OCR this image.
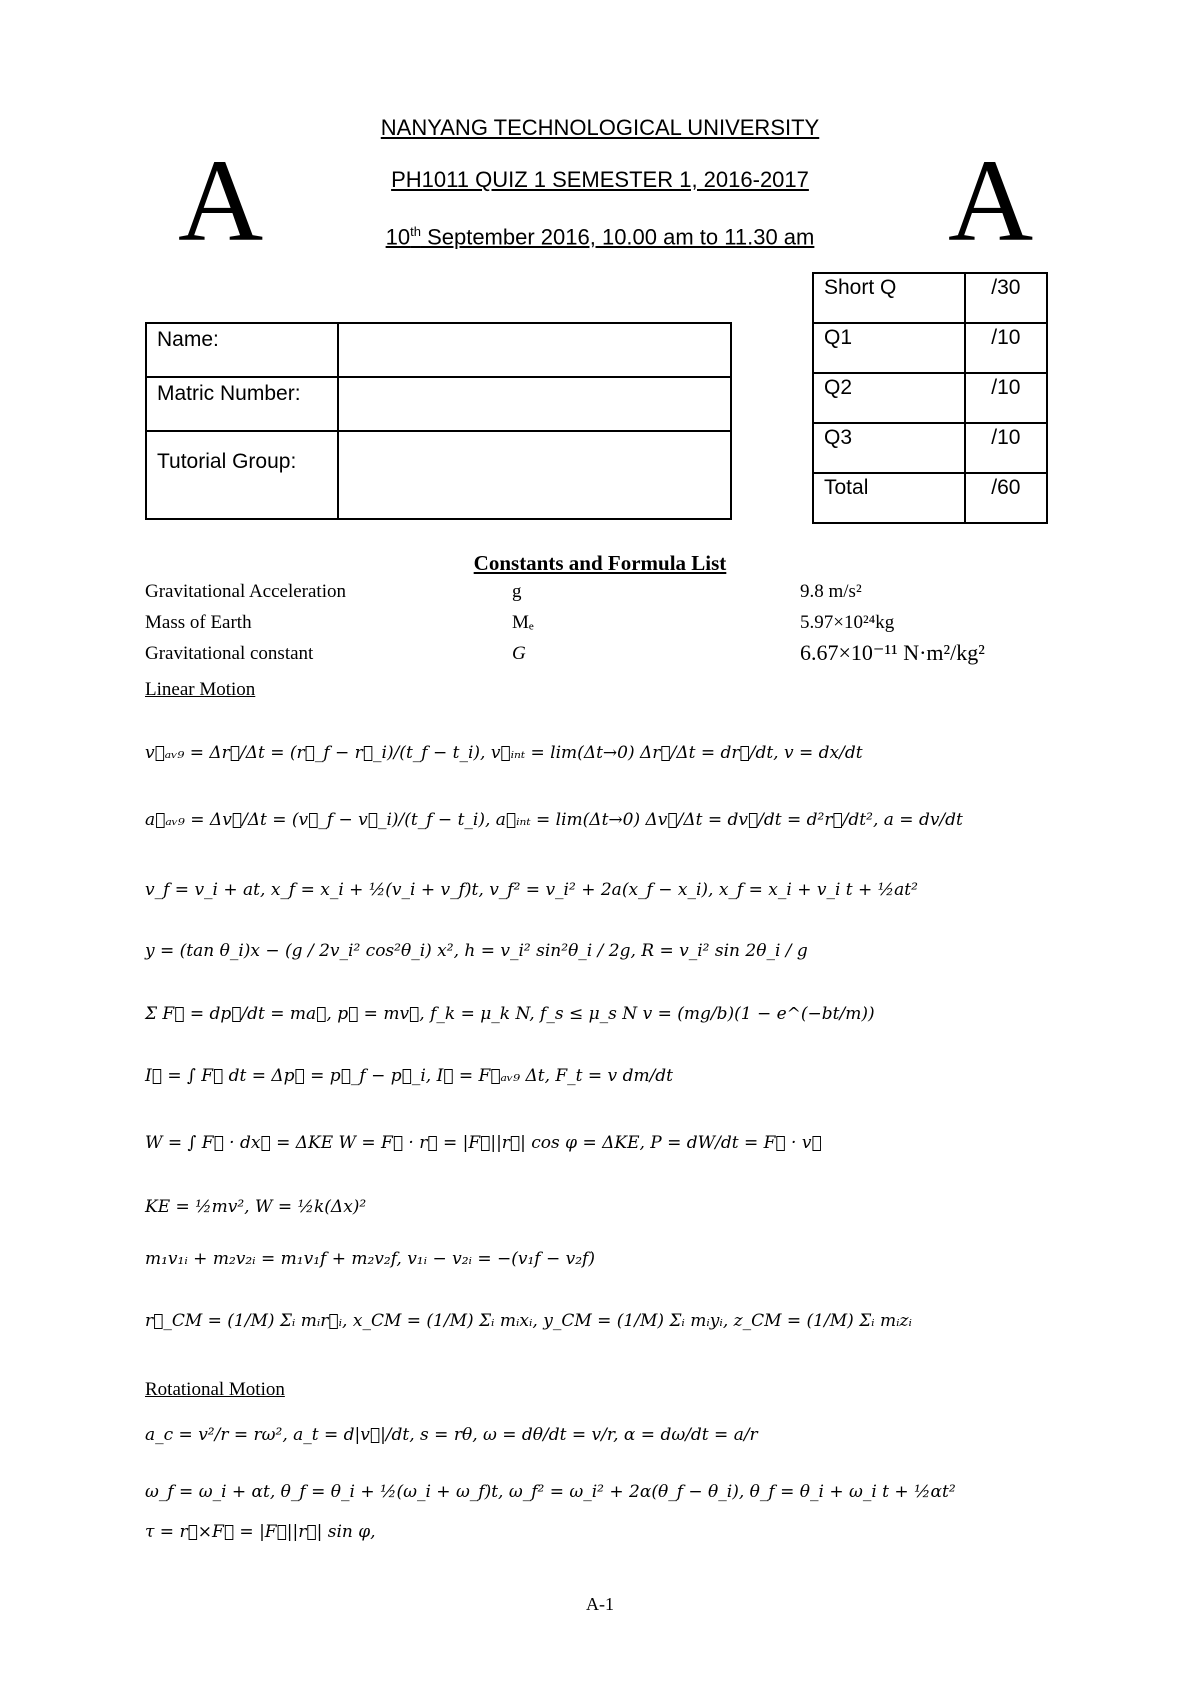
A	A
NANYANG TECHNOLOGICAL UNIVERSITY
PH1011 QUIZ 1 SEMESTER 1, 2016-2017
10th September 2016, 10.00 am to 11.30 am
Name:	
Matric Number:	
Tutorial Group:	
Short Q	/30
Q1	/10
Q2	/10
Q3	/10
Total	/60
Constants and Formula List
Gravitational Acceleration	g	9.8 m/s²
Mass of Earth	Mₑ	5.97×10²⁴kg
Gravitational constant	G	6.67×10⁻¹¹ N·m²/kg²
Linear Motion
v⃗ₐᵥ₉ = Δr⃗/Δt = (r⃗_f − r⃗_i)/(t_f − t_i), v⃗ᵢₙₜ = lim(Δt→0) Δr⃗/Δt = dr⃗/dt, v = dx/dt
a⃗ₐᵥ₉ = Δv⃗/Δt = (v⃗_f − v⃗_i)/(t_f − t_i), a⃗ᵢₙₜ = lim(Δt→0) Δv⃗/Δt = dv⃗/dt = d²r⃗/dt², a = dv/dt
v_f = v_i + at, x_f = x_i + ½(v_i + v_f)t, v_f² = v_i² + 2a(x_f − x_i), x_f = x_i + v_i t + ½at²
y = (tan θ_i)x − (g / 2v_i² cos²θ_i) x², h = v_i² sin²θ_i / 2g, R = v_i² sin 2θ_i / g
Σ F⃗ = dp⃗/dt = ma⃗, p⃗ = mv⃗, f_k = μ_k N, f_s ≤ μ_s N v = (mg/b)(1 − e^(−bt/m))
I⃗ = ∫ F⃗ dt = Δp⃗ = p⃗_f − p⃗_i, I⃗ = F⃗ₐᵥ₉ Δt, F_t = v dm/dt
W = ∫ F⃗ · dx⃗ = ΔKE W = F⃗ · r⃗ = |F⃗||r⃗| cos φ = ΔKE, P = dW/dt = F⃗ · v⃗
KE = ½mv², W = ½k(Δx)²
m₁v₁ᵢ + m₂v₂ᵢ = m₁v₁f + m₂v₂f, v₁ᵢ − v₂ᵢ = −(v₁f − v₂f)
r⃗_CM = (1/M) Σᵢ mᵢr⃗ᵢ, x_CM = (1/M) Σᵢ mᵢxᵢ, y_CM = (1/M) Σᵢ mᵢyᵢ, z_CM = (1/M) Σᵢ mᵢzᵢ
Rotational Motion
a_c = v²/r = rω², a_t = d|v⃗|/dt, s = rθ, ω = dθ/dt = v/r, α = dω/dt = a/r
ω_f = ω_i + αt, θ_f = θ_i + ½(ω_i + ω_f)t, ω_f² = ω_i² + 2α(θ_f − θ_i), θ_f = θ_i + ω_i t + ½αt²
τ = r⃗×F⃗ = |F⃗||r⃗| sin φ,
A-1
